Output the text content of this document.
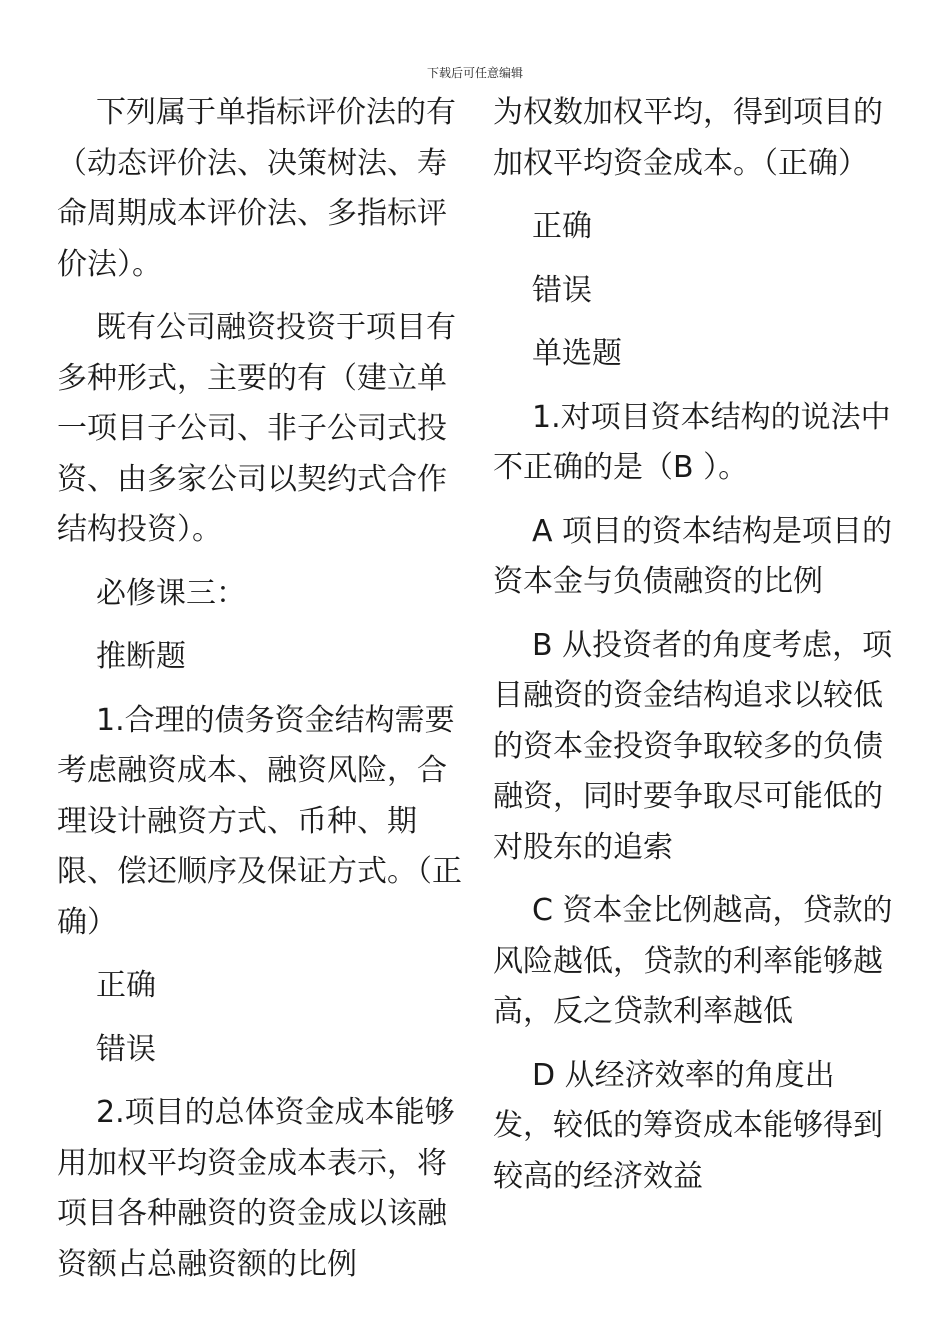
下载后可任意编辑

下列属于单指标评价法的有（动态评价法、决策树法、寿命周期成本评价法、多指标评价法）。

既有公司融资投资于项目有多种形式，主要的有（建立单一项目子公司、非子公司式投资、由多家公司以契约式合作结构投资）。

必修课三：

推断题

1.合理的债务资金结构需要考虑融资成本、融资风险，合理设计融资方式、币种、期限、偿还顺序及保证方式。（正确）

正确

错误

2.项目的总体资金成本能够用加权平均资金成本表示，将项目各种融资的资金成以该融资额占总融资额的比例

为权数加权平均，得到项目的加权平均资金成本。（正确）

正确

错误

单选题

1.对项目资本结构的说法中不正确的是（B ）。

A 项目的资本结构是项目的资本金与负债融资的比例

B 从投资者的角度考虑，项目融资的资金结构追求以较低的资本金投资争取较多的负债融资，同时要争取尽可能低的对股东的追索

C 资本金比例越高，贷款的风险越低，贷款的利率能够越高，反之贷款利率越低

D 从经济效率的角度出发，较低的筹资成本能够得到较高的经济效益
